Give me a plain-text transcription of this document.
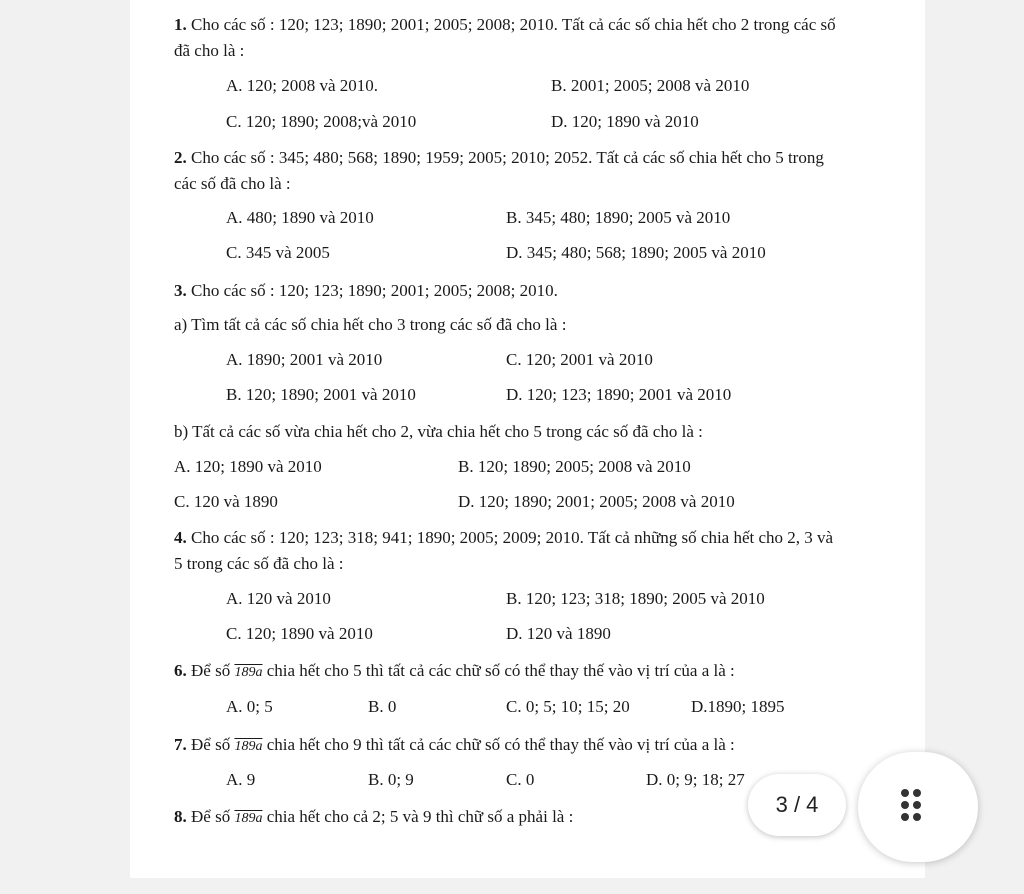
1. Cho các số : 120; 123; 1890; 2001; 2005; 2008; 2010. Tất cả các số chia hết cho 2 trong các số
đã cho là :
A. 120; 2008 và 2010.	B. 2001; 2005; 2008 và 2010
C. 120; 1890; 2008;và 2010	D. 120; 1890 và 2010
2. Cho các số : 345; 480; 568; 1890; 1959; 2005; 2010; 2052. Tất cả các số chia hết cho 5 trong
các số đã cho là :
A. 480; 1890 và 2010	B. 345; 480; 1890; 2005 và 2010
C. 345 và 2005	D. 345; 480; 568; 1890; 2005 và 2010
3. Cho các số : 120; 123; 1890; 2001; 2005; 2008; 2010.
a) Tìm tất cả các số chia hết cho 3 trong các số đã cho là :
A. 1890; 2001 và 2010	C. 120; 2001 và 2010
B. 120; 1890; 2001 và 2010	D. 120; 123; 1890; 2001 và 2010
b) Tất cả các số vừa chia hết cho 2, vừa chia hết cho 5 trong các số đã cho là :
A. 120; 1890 và 2010	B. 120; 1890; 2005; 2008 và 2010
C. 120 và 1890	D. 120; 1890; 2001; 2005; 2008 và 2010
4. Cho các số : 120; 123; 318; 941; 1890; 2005; 2009; 2010. Tất cả những số chia hết cho 2, 3 và
5 trong các số đã cho là :
A. 120 và 2010	B. 120; 123; 318; 1890; 2005 và 2010
C. 120; 1890 và 2010	D. 120 và 1890
6. Để số 189a chia hết cho 5 thì tất cả các chữ số có thể thay thế vào vị trí của a là :
A. 0; 5	B. 0	C. 0; 5; 10; 15; 20	D.1890; 1895
7. Để số 189a chia hết cho 9 thì tất cả các chữ số có thể thay thế vào vị trí của a là :
A. 9	B. 0; 9	C. 0	D. 0; 9; 18; 27
8. Để số 189a chia hết cho cả 2; 5 và 9 thì chữ số a phải là :	3 / 4
